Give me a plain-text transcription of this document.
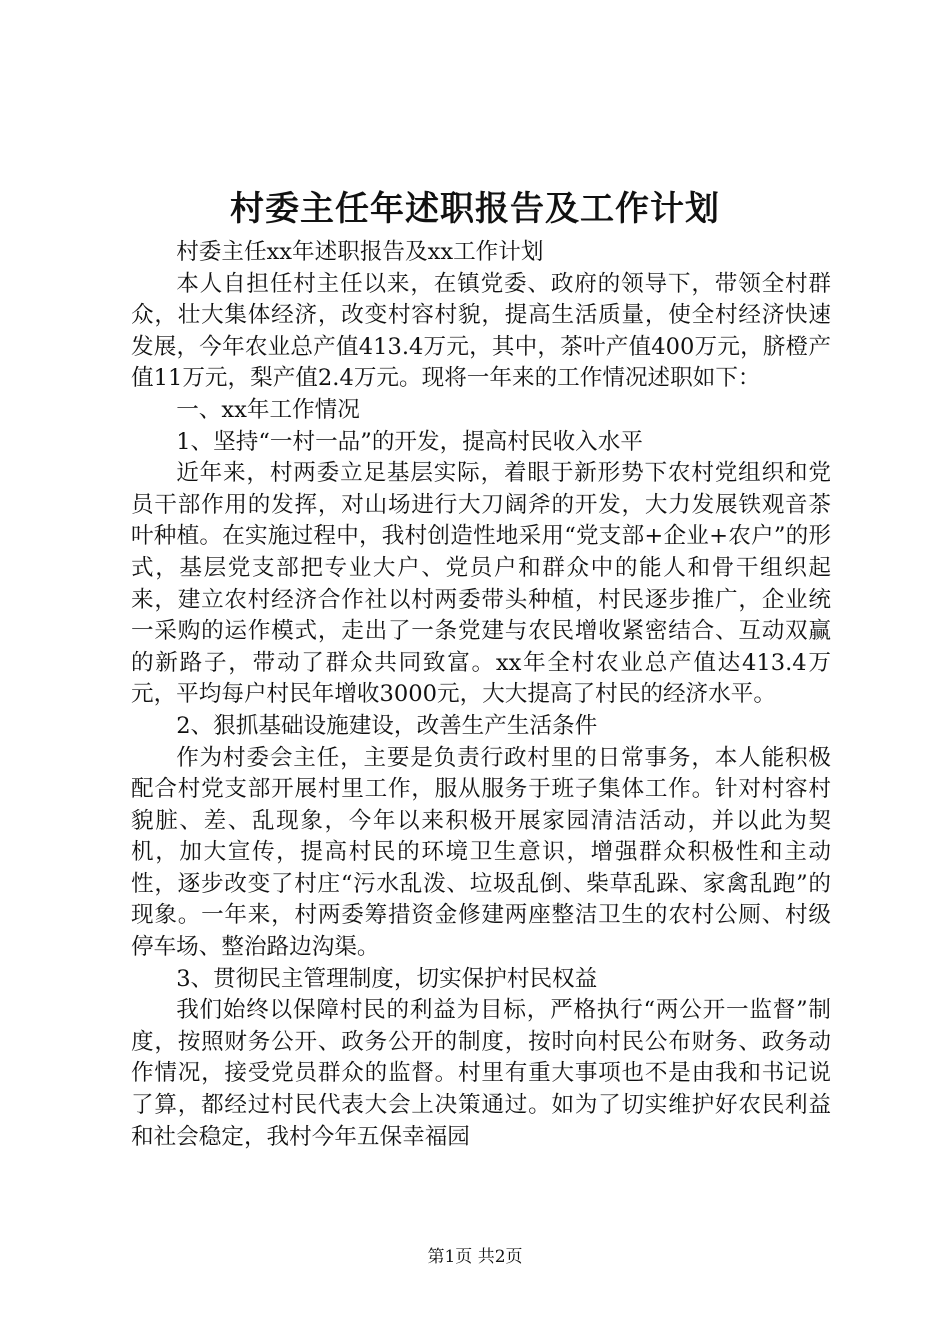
村委主任年述职报告及工作计划

村委主任xx年述职报告及xx工作计划

本人自担任村主任以来，在镇党委、政府的领导下，带领全村群众，壮大集体经济，改变村容村貌，提高生活质量，使全村经济快速发展，今年农业总产值413.4万元，其中，茶叶产值400万元，脐橙产值11万元，梨产值2.4万元。现将一年来的工作情况述职如下：

一、xx年工作情况

1、坚持“一村一品”的开发，提高村民收入水平

近年来，村两委立足基层实际，着眼于新形势下农村党组织和党员干部作用的发挥，对山场进行大刀阔斧的开发，大力发展铁观音茶叶种植。在实施过程中，我村创造性地采用“党支部+企业+农户”的形式，基层党支部把专业大户、党员户和群众中的能人和骨干组织起来，建立农村经济合作社以村两委带头种植，村民逐步推广，企业统一采购的运作模式，走出了一条党建与农民增收紧密结合、互动双赢的新路子，带动了群众共同致富。xx年全村农业总产值达413.4万元，平均每户村民年增收3000元，大大提高了村民的经济水平。

2、狠抓基础设施建设，改善生产生活条件

作为村委会主任，主要是负责行政村里的日常事务，本人能积极配合村党支部开展村里工作，服从服务于班子集体工作。针对村容村貌脏、差、乱现象，今年以来积极开展家园清洁活动，并以此为契机，加大宣传，提高村民的环境卫生意识，增强群众积极性和主动性，逐步改变了村庄“污水乱泼、垃圾乱倒、柴草乱跺、家禽乱跑”的现象。一年来，村两委筹措资金修建两座整洁卫生的农村公厕、村级停车场、整治路边沟渠。

3、贯彻民主管理制度，切实保护村民权益

我们始终以保障村民的利益为目标，严格执行“两公开一监督”制度，按照财务公开、政务公开的制度，按时向村民公布财务、政务动作情况，接受党员群众的监督。村里有重大事项也不是由我和书记说了算，都经过村民代表大会上决策通过。如为了切实维护好农民利益和社会稳定，我村今年五保幸福园

第1页 共2页
